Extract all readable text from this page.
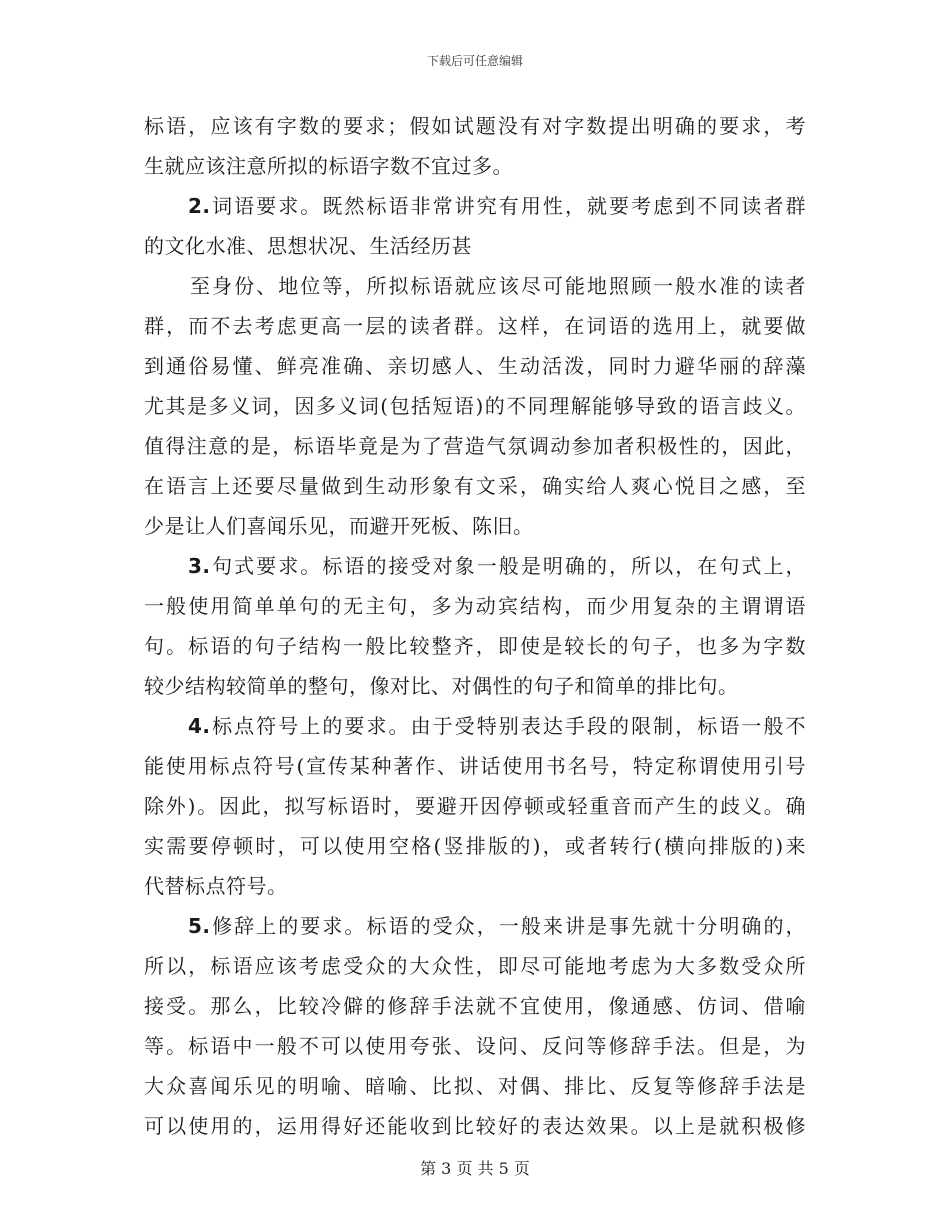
下载后可任意编辑
标语，应该有字数的要求；假如试题没有对字数提出明确的要求，考
生就应该注意所拟的标语字数不宜过多。
2.词语要求。既然标语非常讲究有用性，就要考虑到不同读者群
的文化水准、思想状况、生活经历甚
至身份、地位等，所拟标语就应该尽可能地照顾一般水准的读者
群，而不去考虑更高一层的读者群。这样，在词语的选用上，就要做
到通俗易懂、鲜亮准确、亲切感人、生动活泼，同时力避华丽的辞藻
尤其是多义词，因多义词(包括短语)的不同理解能够导致的语言歧义。
值得注意的是，标语毕竟是为了营造气氛调动参加者积极性的，因此，
在语言上还要尽量做到生动形象有文采，确实给人爽心悦目之感，至
少是让人们喜闻乐见，而避开死板、陈旧。
3.句式要求。标语的接受对象一般是明确的，所以，在句式上，
一般使用简单单句的无主句，多为动宾结构，而少用复杂的主谓谓语
句。标语的句子结构一般比较整齐，即使是较长的句子，也多为字数
较少结构较简单的整句，像对比、对偶性的句子和简单的排比句。
4.标点符号上的要求。由于受特别表达手段的限制，标语一般不
能使用标点符号(宣传某种著作、讲话使用书名号，特定称谓使用引号
除外)。因此，拟写标语时，要避开因停顿或轻重音而产生的歧义。确
实需要停顿时，可以使用空格(竖排版的)，或者转行(横向排版的)来
代替标点符号。
5.修辞上的要求。标语的受众，一般来讲是事先就十分明确的，
所以，标语应该考虑受众的大众性，即尽可能地考虑为大多数受众所
接受。那么，比较冷僻的修辞手法就不宜使用，像通感、仿词、借喻
等。标语中一般不可以使用夸张、设问、反问等修辞手法。但是，为
大众喜闻乐见的明喻、暗喻、比拟、对偶、排比、反复等修辞手法是
可以使用的，运用得好还能收到比较好的表达效果。以上是就积极修
第 3 页 共 5 页
